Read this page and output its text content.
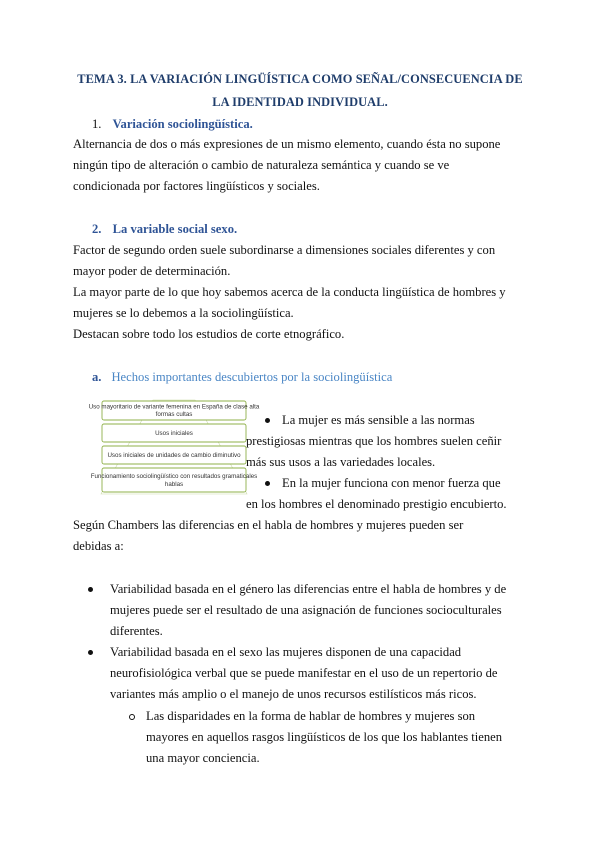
TEMA 3. LA VARIACIÓN LINGÜÍSTICA COMO SEÑAL/CONSECUENCIA DE
LA IDENTIDAD INDIVIDUAL.
1. Variación sociolingüística.
Alternancia de dos o más expresiones de un mismo elemento, cuando ésta no supone
ningún tipo de alteración o cambio de naturaleza semántica y cuando se ve
condicionada por factores lingüísticos y sociales.
2. La variable social sexo.
Factor de segundo orden suele subordinarse a dimensiones sociales diferentes y con
mayor poder de determinación.
La mayor parte de lo que hoy sabemos acerca de la conducta lingüística de hombres y
mujeres se lo debemos a la sociolingüística.
Destacan sobre todo los estudios de corte etnográfico.
a. Hechos importantes descubiertos por la sociolingüística
Uso mayoritario de variante femenina en España de clase alta
formas cultas
Usos iniciales
Usos iniciales de unidades de cambio diminutivo
Funcionamiento sociolingüístico con resultados gramaticales
hablas
La mujer es más sensible a las normas
prestigiosas mientras que los hombres suelen ceñir
más sus usos a las variedades locales.
En la mujer funciona con menor fuerza que
en los hombres el denominado prestigio encubierto.
Según Chambers las diferencias en el habla de hombres y mujeres pueden ser
debidas a:
Variabilidad basada en el género las diferencias entre el habla de hombres y de
mujeres puede ser el resultado de una asignación de funciones socioculturales
diferentes.
Variabilidad basada en el sexo las mujeres disponen de una capacidad
neurofisiológica verbal que se puede manifestar en el uso de un repertorio de
variantes más amplio o el manejo de unos recursos estilísticos más ricos.
Las disparidades en la forma de hablar de hombres y mujeres son
mayores en aquellos rasgos lingüísticos de los que los hablantes tienen
una mayor conciencia.
